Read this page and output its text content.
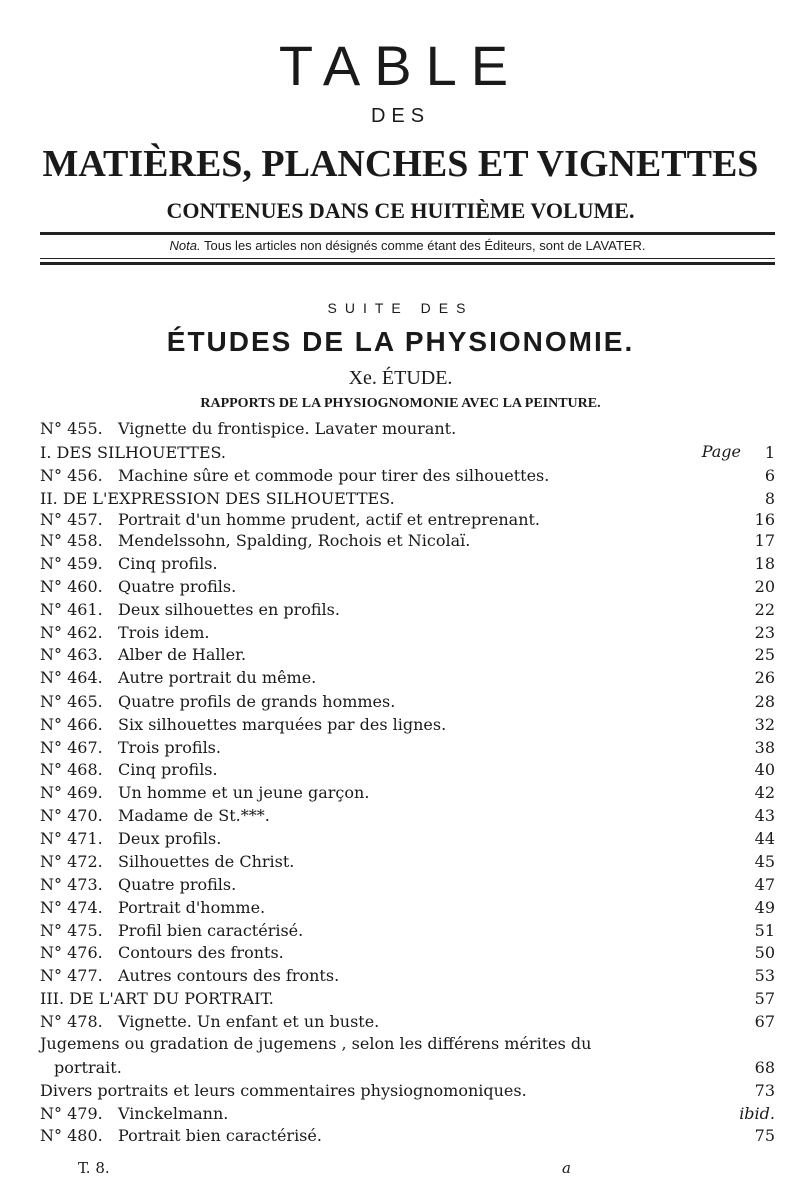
TABLE
DES
MATIÈRES, PLANCHES ET VIGNETTES
CONTENUES DANS CE HUITIÈME VOLUME.
Nota. Tous les articles non désignés comme étant des Éditeurs, sont de LAVATER.
SUITE DES
ÉTUDES DE LA PHYSIONOMIE.
Xe. ÉTUDE.
RAPPORTS DE LA PHYSIOGNOMONIE AVEC LA PEINTURE.
Page
N° 455. Vignette du frontispice. Lavater mourant.
I. DES SILHOUETTES.	1
N° 456. Machine sûre et commode pour tirer des silhouettes.	6
II. DE L'EXPRESSION DES SILHOUETTES.	8
N° 457. Portrait d'un homme prudent, actif et entreprenant.	16
N° 458. Mendelssohn, Spalding, Rochois et Nicolaï.	17
N° 459. Cinq profils.	18
N° 460. Quatre profils.	20
N° 461. Deux silhouettes en profils.	22
N° 462. Trois idem.	23
N° 463. Alber de Haller.	25
N° 464. Autre portrait du même.	26
N° 465. Quatre profils de grands hommes.	28
N° 466. Six silhouettes marquées par des lignes.	32
N° 467. Trois profils.	38
N° 468. Cinq profils.	40
N° 469. Un homme et un jeune garçon.	42
N° 470. Madame de St.***.	43
N° 471. Deux profils.	44
N° 472. Silhouettes de Christ.	45
N° 473. Quatre profils.	47
N° 474. Portrait d'homme.	49
N° 475. Profil bien caractérisé.	51
N° 476. Contours des fronts.	50
N° 477. Autres contours des fronts.	53
III. DE L'ART DU PORTRAIT.	57
N° 478. Vignette. Un enfant et un buste.	67
Jugemens ou gradation de jugemens , selon les différens mérites du
portrait.	68
Divers portraits et leurs commentaires physiognomoniques.	73
N° 479. Vinckelmann.	ibid.
N° 480. Portrait bien caractérisé.	75
T. 8.	a
